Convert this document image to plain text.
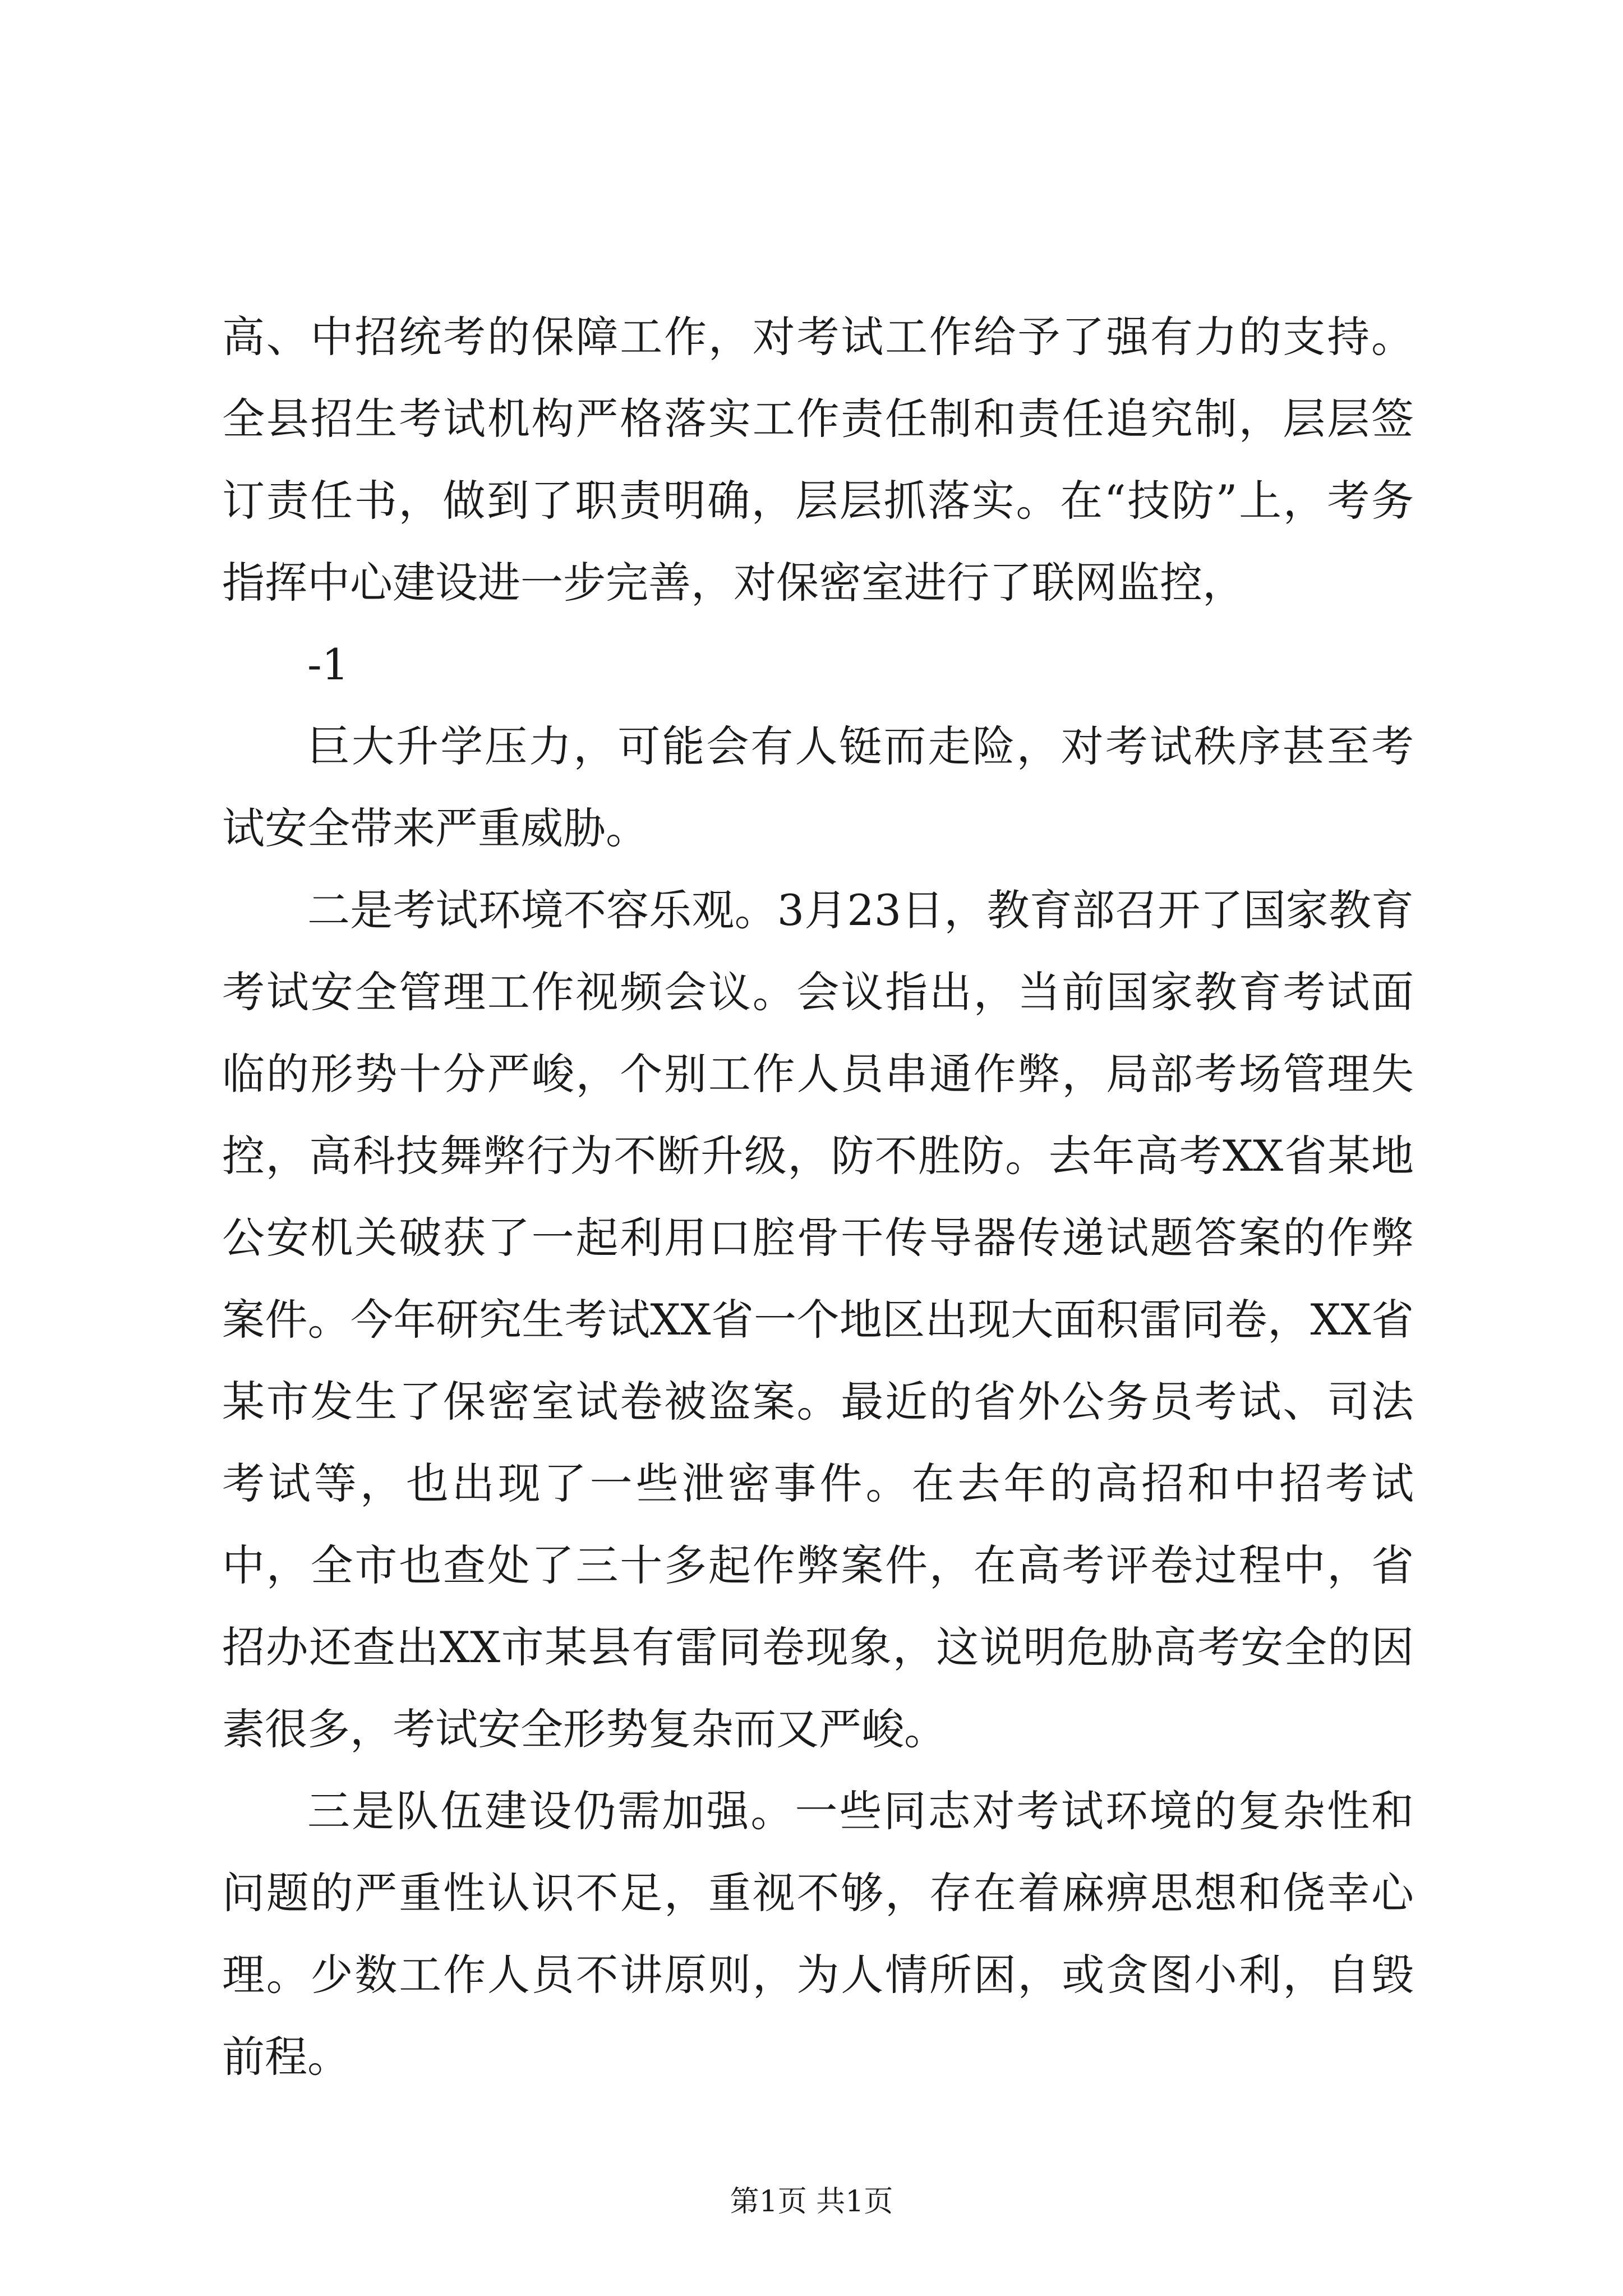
高、中招统考的保障工作，对考试工作给予了强有力的支持。全县招生考试机构严格落实工作责任制和责任追究制，层层签订责任书，做到了职责明确，层层抓落实。在“技防”上，考务指挥中心建设进一步完善，对保密室进行了联网监控，

-1

巨大升学压力，可能会有人铤而走险，对考试秩序甚至考试安全带来严重威胁。

二是考试环境不容乐观。3月23日，教育部召开了国家教育考试安全管理工作视频会议。会议指出，当前国家教育考试面临的形势十分严峻，个别工作人员串通作弊，局部考场管理失控，高科技舞弊行为不断升级，防不胜防。去年高考XX省某地公安机关破获了一起利用口腔骨干传导器传递试题答案的作弊案件。今年研究生考试XX省一个地区出现大面积雷同卷，XX省某市发生了保密室试卷被盗案。最近的省外公务员考试、司法考试等，也出现了一些泄密事件。在去年的高招和中招考试中，全市也查处了三十多起作弊案件，在高考评卷过程中，省招办还查出XX市某县有雷同卷现象，这说明危胁高考安全的因素很多，考试安全形势复杂而又严峻。

三是队伍建设仍需加强。一些同志对考试环境的复杂性和问题的严重性认识不足，重视不够，存在着麻痹思想和侥幸心理。少数工作人员不讲原则，为人情所困，或贪图小利，自毁前程。

第1页 共1页
